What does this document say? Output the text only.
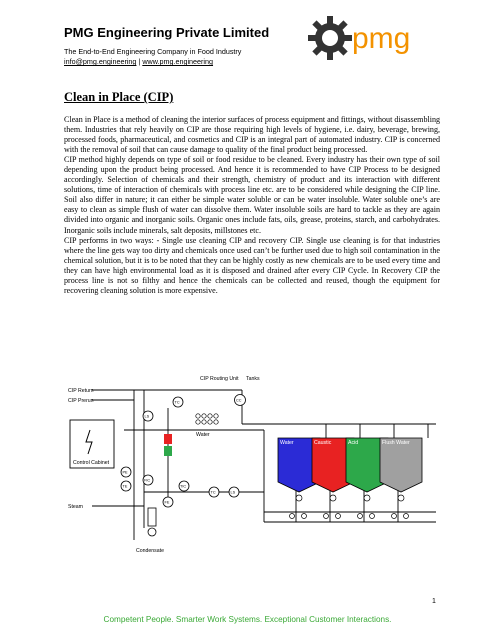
PMG Engineering Private Limited
The End-to-End Engineering Company in Food Industry
info@pmg.engineering | www.pmg.engineering
pmg
Clean in Place (CIP)

Clean in Place is a method of cleaning the interior surfaces of process equipment and fittings, without disassembling them. Industries that rely heavily on CIP are those requiring high levels of hygiene, i.e. dairy, beverage, brewing, processed foods, pharmaceutical, and cosmetics and CIP is an integral part of automated industry. CIP is concerned with the removal of soil that can cause damage to quality of the final product being processed.

CIP method highly depends on type of soil or food residue to be cleaned. Every industry has their own type of soil depending upon the product being processed. And hence it is recommended to have CIP Process to be designed accordingly. Selection of chemicals and their strength, chemistry of product and its interaction with different solutions, time of interaction of chemicals with process line etc. are to be considered while designing the CIP line. Soil also differ in nature; it can either be simple water soluble or can be water insoluble. Water soluble one’s are easy to clean as simple flush of water can dissolve them. Water insoluble soils are hard to tackle as they are again divided into organic and inorganic soils. Organic ones include fats, oils, grease, proteins, starch, and carbohydrates. Inorganic soils include minerals, salt deposits, millstones etc.

CIP performs in two ways: - Single use cleaning CIP and recovery CIP. Single use cleaning is for that industries where the line gets way too dirty and chemicals once used can’t be further used due to high soil contamination in the chemical solution, but it is to be noted that they can be highly costly as new chemicals are to be used every time and they can have high environmental load as it is disposed and drained after every CIP Cycle. In Recovery CIP the process line is not so filthy and hence the chemicals can be collected and reused, though the equipment for recovering cleaning solution is more expensive.

CIP Return
CIP Prerun
CIP Routing Unit Tanks
Water
Steam
Condensate
Control Cabinet
TC
LS
CC
FIC
TIC
PE
TE
FE
TC	LS
Water	Caustic	Acid	Flush Water
1
Competent People. Smarter Work Systems. Exceptional Customer Interactions.
